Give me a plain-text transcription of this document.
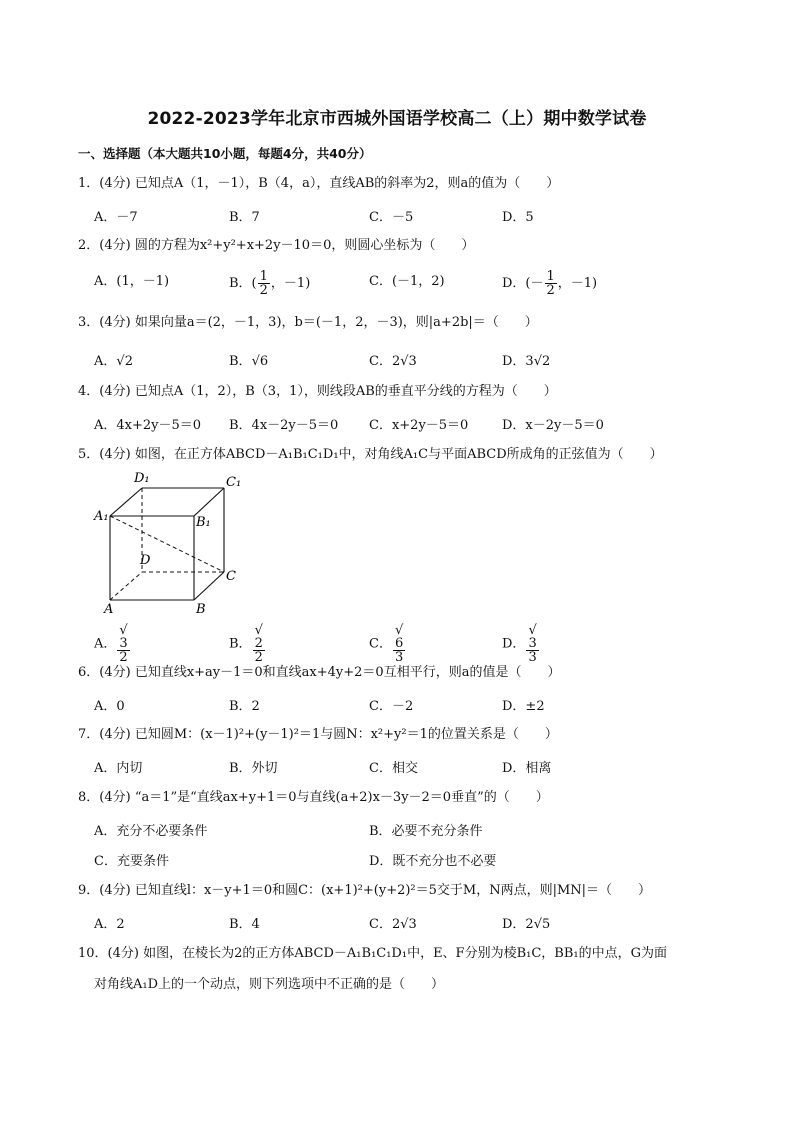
2022-2023学年北京市西城外国语学校高二（上）期中数学试卷
一、选择题（本大题共10小题，每题4分，共40分）
1．(4分) 已知点A（1，－1），B（4，a），直线AB的斜率为2，则a的值为（　　）
A．－7	B．7	C．－5	D．5
2．(4分) 圆的方程为x²+y²+x+2y－10＝0，则圆心坐标为（　　）
A．(1，－1)	B．( $\frac{1}{2}$ ，－1)	C．(－1，2)	D．(－ $\frac{1}{2}$ ，－1)
3．(4分) 如果向量a＝(2，－1，3)，b＝(－1，2，－3)，则|a+2b|＝（　　）
A．√2	B．√6	C．2√3	D．3√2
4．(4分) 已知点A（1，2），B（3，1），则线段AB的垂直平分线的方程为（　　）
A．4x+2y－5＝0 B．4x－2y－5＝0 C．x+2y－5＝0	D．x－2y－5＝0
5．(4分) 如图，在正方体ABCD－A₁B₁C₁D₁中，对角线A₁C与平面ABCD所成角的正弦值为（　　）
D₁	C₁
A₁	B₁
D
C
A	B
A． √
3
2	B． √
2
2	C． √
6
3	D． √
3
3
6．(4分) 已知直线x+ay－1＝0和直线ax+4y+2＝0互相平行，则a的值是（　　）
A．0	B．2	C．－2	D．±2
7．(4分) 已知圆M：(x－1)²+(y－1)²＝1与圆N：x²+y²＝1的位置关系是（　　）
A．内切	B．外切	C．相交	D．相离
8．(4分) “a＝1”是“直线ax+y+1＝0与直线(a+2)x－3y－2＝0垂直”的（　　）
A．充分不必要条件	B．必要不充分条件
C．充要条件	D．既不充分也不必要
9．(4分) 已知直线l：x－y+1＝0和圆C：(x+1)²+(y+2)²＝5交于M，N两点，则|MN|＝（　　）
A．2	B．4	C．2√3	D．2√5
10．(4分) 如图，在棱长为2的正方体ABCD－A₁B₁C₁D₁中，E、F分别为棱B₁C，BB₁的中点，G为面
对角线A₁D上的一个动点，则下列选项中不正确的是（　　）
